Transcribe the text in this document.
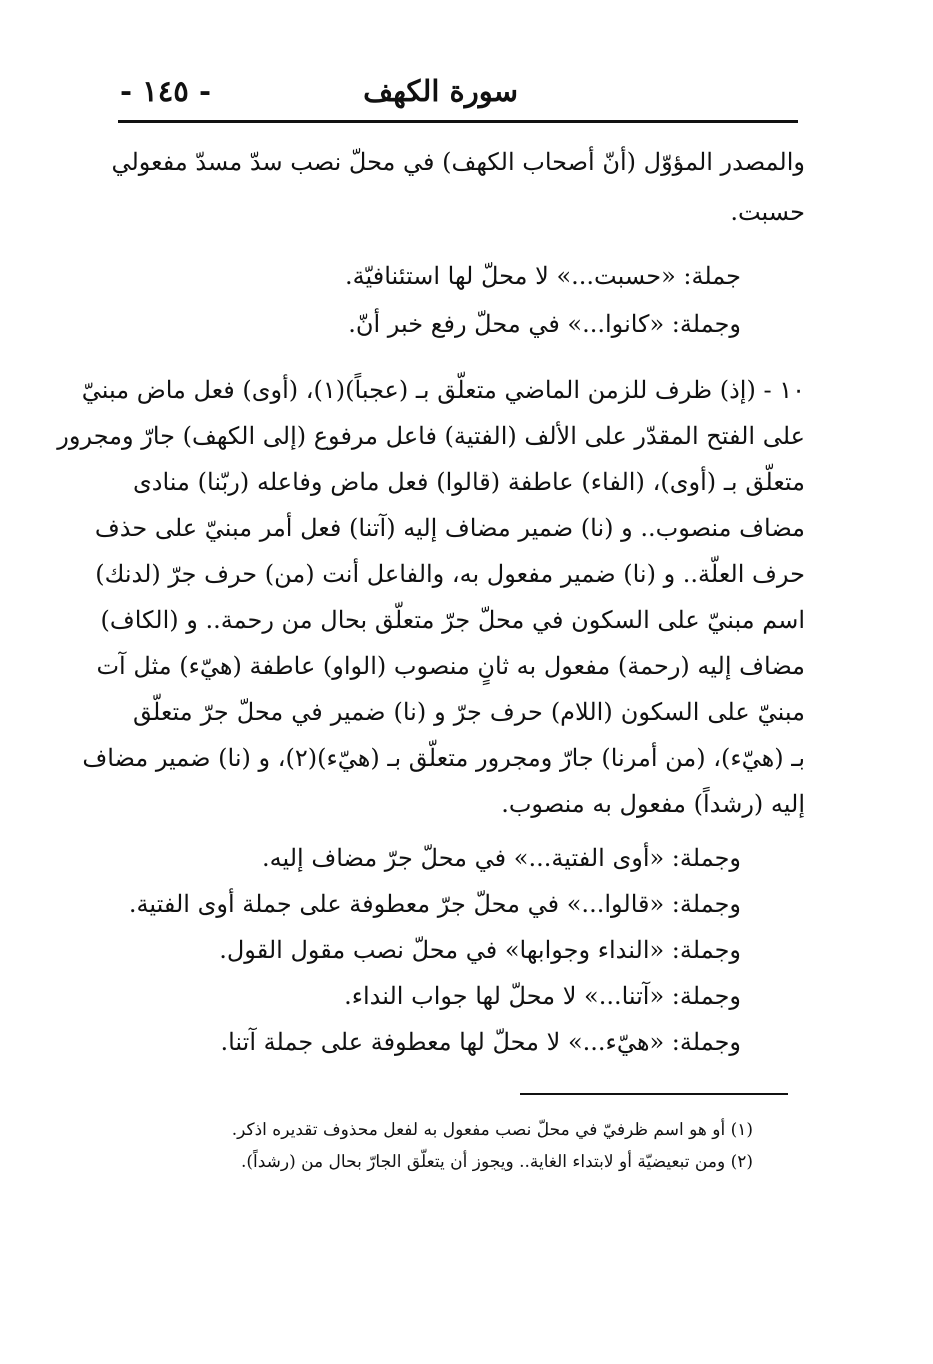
سورة الكهف
- ١٤٥ -
والمصدر المؤوّل (أنّ أصحاب الكهف) في محلّ نصب سدّ مسدّ مفعولي
حسبت.
جملة: «حسبت...» لا محلّ لها استئنافيّة.
وجملة: «كانوا...» في محلّ رفع خبر أنّ.
١٠ - (إذ) ظرف للزمن الماضي متعلّق بـ (عجباً)(١)، (أوى) فعل ماض مبنيّ
على الفتح المقدّر على الألف (الفتية) فاعل مرفوع (إلى الكهف) جارّ ومجرور
متعلّق بـ (أوى)، (الفاء) عاطفة (قالوا) فعل ماض وفاعله (ربّنا) منادى
مضاف منصوب.. و (نا) ضمير مضاف إليه (آتنا) فعل أمر مبنيّ على حذف
حرف العلّة.. و (نا) ضمير مفعول به، والفاعل أنت (من) حرف جرّ (لدنك)
اسم مبنيّ على السكون في محلّ جرّ متعلّق بحال من رحمة.. و (الكاف)
مضاف إليه (رحمة) مفعول به ثانٍ منصوب (الواو) عاطفة (هيّء) مثل آت
مبنيّ على السكون (اللام) حرف جرّ و (نا) ضمير في محلّ جرّ متعلّق
بـ (هيّء)، (من أمرنا) جارّ ومجرور متعلّق بـ (هيّء)(٢)، و (نا) ضمير مضاف
إليه (رشداً) مفعول به منصوب.
وجملة: «أوى الفتية...» في محلّ جرّ مضاف إليه.
وجملة: «قالوا...» في محلّ جرّ معطوفة على جملة أوى الفتية.
وجملة: «النداء وجوابها» في محلّ نصب مقول القول.
وجملة: «آتنا...» لا محلّ لها جواب النداء.
وجملة: «هيّء...» لا محلّ لها معطوفة على جملة آتنا.
(١) أو هو اسم ظرفيّ في محلّ نصب مفعول به لفعل محذوف تقديره اذكر.
(٢) ومن تبعيضيّة أو لابتداء الغاية.. ويجوز أن يتعلّق الجارّ بحال من (رشداً).
